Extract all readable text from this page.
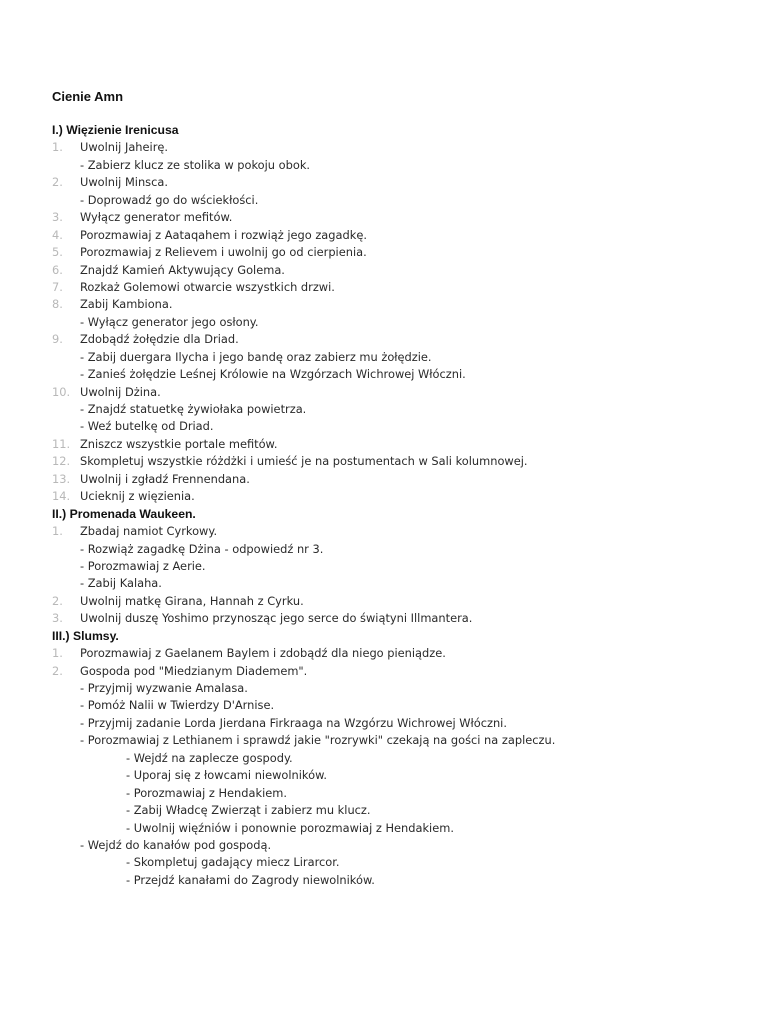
Cienie Amn
I.) Więzienie Irenicusa
1. Uwolnij Jaheirę.
- Zabierz klucz ze stolika w pokoju obok.
2. Uwolnij Minsca.
- Doprowadź go do wściekłości.
3. Wyłącz generator mefitów.
4. Porozmawiaj z Aataqahem i rozwiąż jego zagadkę.
5. Porozmawiaj z Relievem i uwolnij go od cierpienia.
6. Znajdź Kamień Aktywujący Golema.
7. Rozkaż Golemowi otwarcie wszystkich drzwi.
8. Zabij Kambiona.
- Wyłącz generator jego osłony.
9. Zdobądź żołędzie dla Driad.
- Zabij duergara Ilycha i jego bandę oraz zabierz mu żołędzie.
- Zanieś żołędzie Leśnej Królowie na Wzgórzach Wichrowej Włóczni.
10. Uwolnij Dżina.
- Znajdź statuetkę żywiołaka powietrza.
- Weź butelkę od Driad.
11. Zniszcz wszystkie portale mefitów.
12. Skompletuj wszystkie różdżki i umieść je na postumentach w Sali kolumnowej.
13. Uwolnij i zgładź Frennendana.
14. Ucieknij z więzienia.
II.) Promenada Waukeen.
1. Zbadaj namiot Cyrkowy.
- Rozwiąż zagadkę Dżina - odpowiedź nr 3.
- Porozmawiaj z Aerie.
- Zabij Kalaha.
2. Uwolnij matkę Girana, Hannah z Cyrku.
3. Uwolnij duszę Yoshimo przynosząc jego serce do świątyni Illmantera.
III.) Slumsy.
1. Porozmawiaj z Gaelanem Baylem i zdobądź dla niego pieniądze.
2. Gospoda pod "Miedzianym Diademem".
- Przyjmij wyzwanie Amalasa.
- Pomóż Nalii w Twierdzy D'Arnise.
- Przyjmij zadanie Lorda Jierdana Firkraaga na Wzgórzu Wichrowej Włóczni.
- Porozmawiaj z Lethianem i sprawdź jakie "rozrywki" czekają na gości na zapleczu.
- Wejdź na zaplecze gospody.
- Uporaj się z łowcami niewolników.
- Porozmawiaj z Hendakiem.
- Zabij Władcę Zwierząt i zabierz mu klucz.
- Uwolnij więźniów i ponownie porozmawiaj z Hendakiem.
- Wejdź do kanałów pod gospodą.
- Skompletuj gadający miecz Lirarcor.
- Przejdź kanałami do Zagrody niewolników.
